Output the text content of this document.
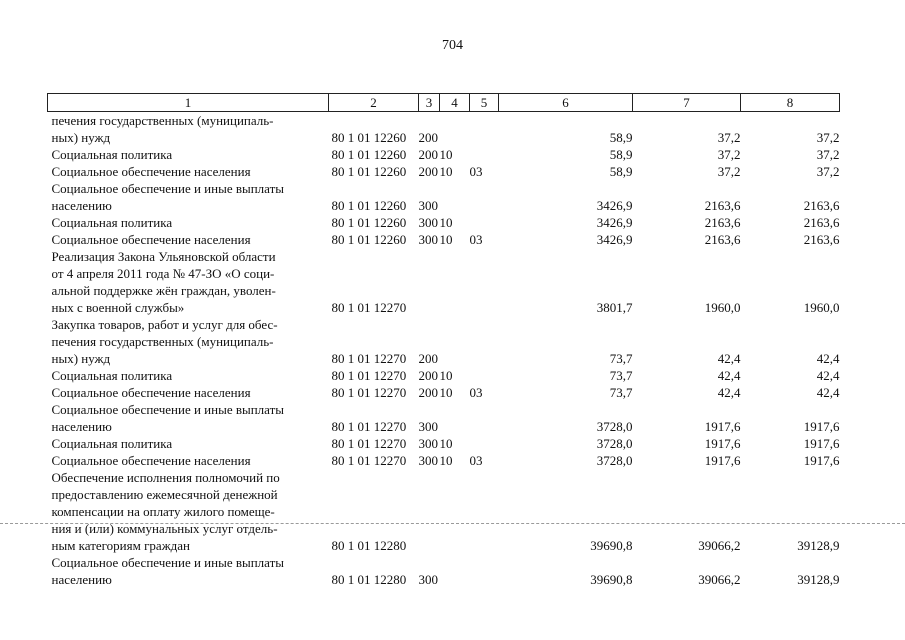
704
1	2	3	4	5	6	7	8

печения государственных (муниципаль-
ных) нужд	80 1 01 12260	200			58,9	37,2	37,2

Социальная политика	80 1 01 12260	200	10		58,9	37,2	37,2

Социальное обеспечение населения	80 1 01 12260	200	10	03	58,9	37,2	37,2

Социальное обеспечение и иные выплаты
населению	80 1 01 12260	300			3426,9	2163,6	2163,6

Социальная политика	80 1 01 12260	300	10		3426,9	2163,6	2163,6

Социальное обеспечение населения	80 1 01 12260	300	10	03	3426,9	2163,6	2163,6

Реализация Закона Ульяновской области
от 4 апреля 2011 года № 47-ЗО «О соци-
альной поддержке жён граждан, уволен-
ных с военной службы»	80 1 01 12270				3801,7	1960,0	1960,0

Закупка товаров, работ и услуг для обес-
печения государственных (муниципаль-
ных) нужд	80 1 01 12270	200			73,7	42,4	42,4

Социальная политика	80 1 01 12270	200	10		73,7	42,4	42,4

Социальное обеспечение населения	80 1 01 12270	200	10	03	73,7	42,4	42,4

Социальное обеспечение и иные выплаты
населению	80 1 01 12270	300			3728,0	1917,6	1917,6

Социальная политика	80 1 01 12270	300	10		3728,0	1917,6	1917,6

Социальное обеспечение населения	80 1 01 12270	300	10	03	3728,0	1917,6	1917,6

Обеспечение исполнения полномочий по
предоставлению ежемесячной денежной
компенсации на оплату жилого помеще-
ния и (или) коммунальных услуг отдель-
ным категориям граждан	80 1 01 12280				39690,8	39066,2	39128,9

Социальное обеспечение и иные выплаты
населению	80 1 01 12280	300			39690,8	39066,2	39128,9
